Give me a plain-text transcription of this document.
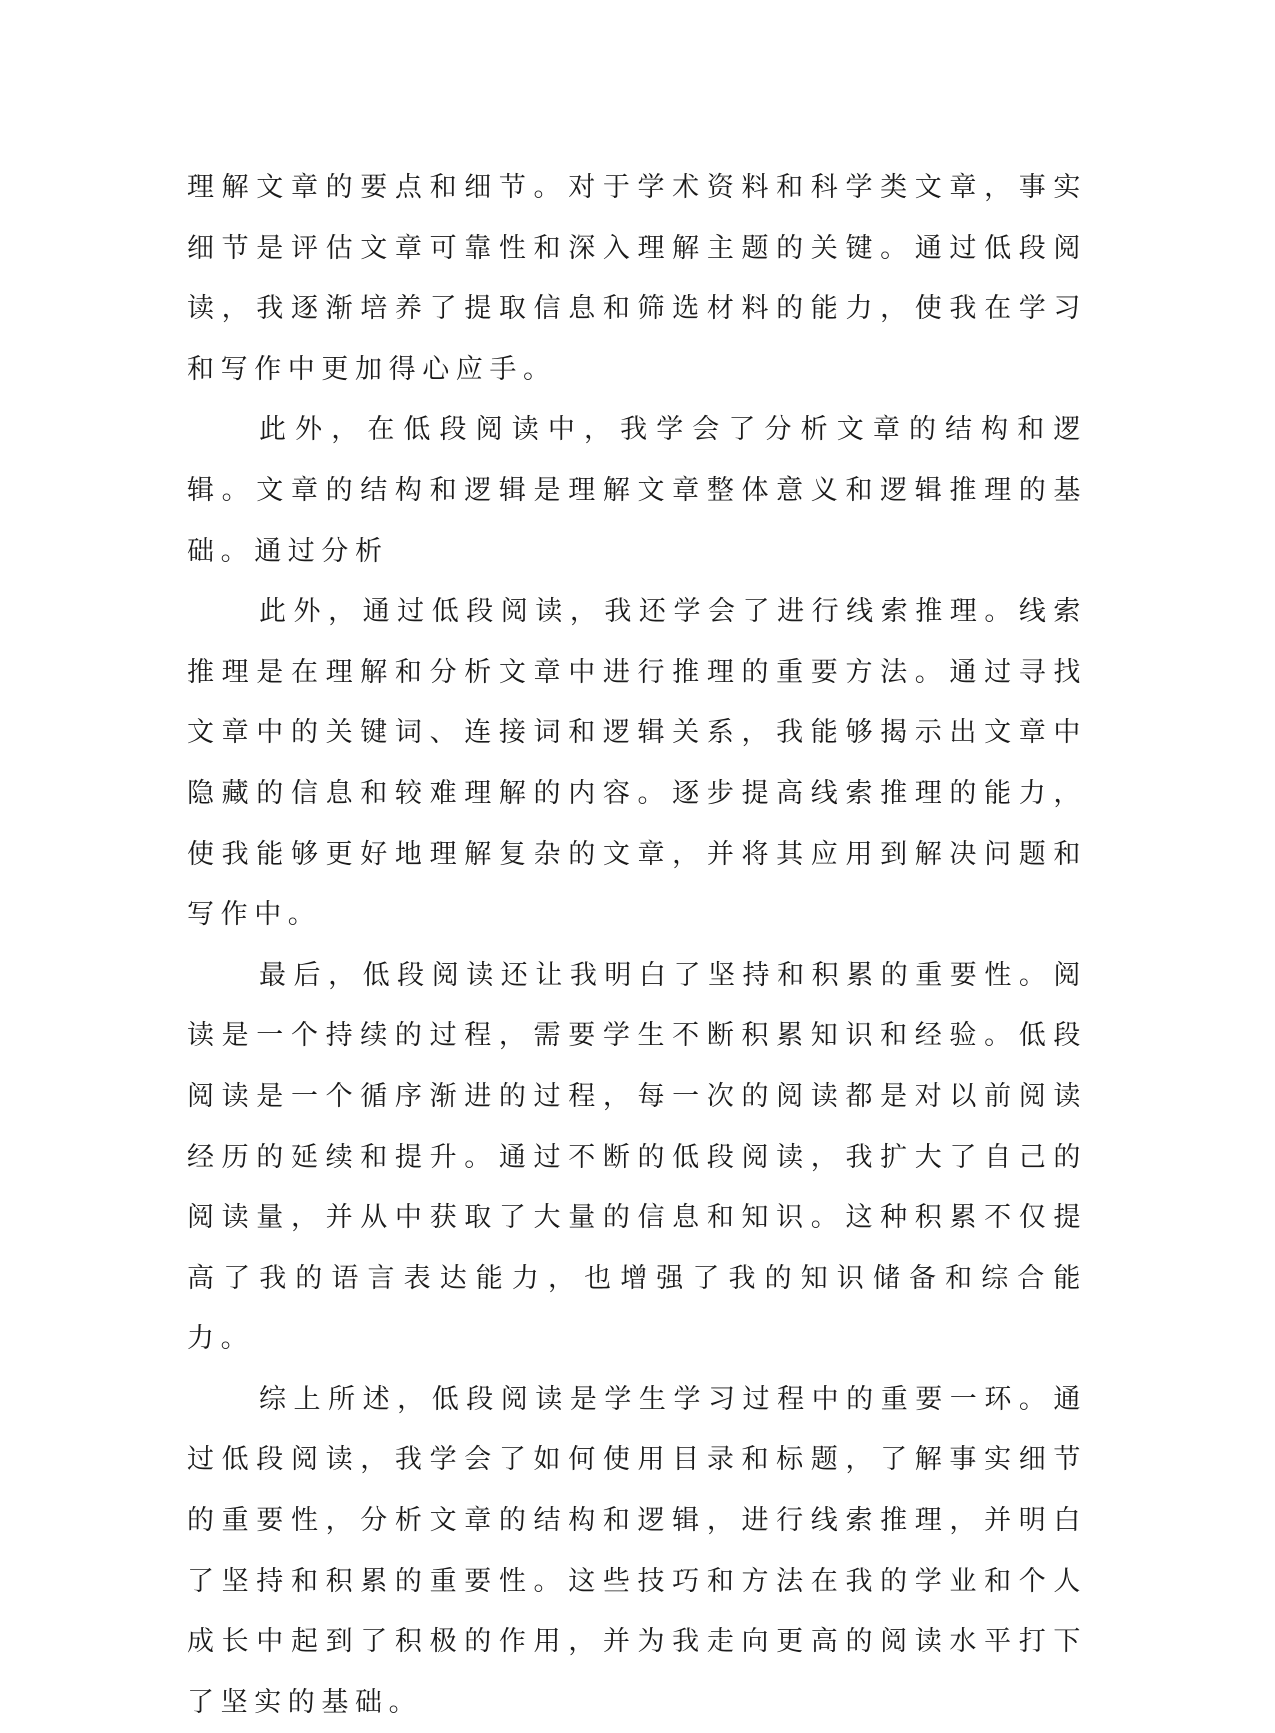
理解文章的要点和细节。对于学术资料和科学类文章，事实细节是评估文章可靠性和深入理解主题的关键。通过低段阅读，我逐渐培养了提取信息和筛选材料的能力，使我在学习和写作中更加得心应手。

此外，在低段阅读中，我学会了分析文章的结构和逻辑。文章的结构和逻辑是理解文章整体意义和逻辑推理的基础。通过分析

此外，通过低段阅读，我还学会了进行线索推理。线索推理是在理解和分析文章中进行推理的重要方法。通过寻找文章中的关键词、连接词和逻辑关系，我能够揭示出文章中隐藏的信息和较难理解的内容。逐步提高线索推理的能力，使我能够更好地理解复杂的文章，并将其应用到解决问题和写作中。

最后，低段阅读还让我明白了坚持和积累的重要性。阅读是一个持续的过程，需要学生不断积累知识和经验。低段阅读是一个循序渐进的过程，每一次的阅读都是对以前阅读经历的延续和提升。通过不断的低段阅读，我扩大了自己的阅读量，并从中获取了大量的信息和知识。这种积累不仅提高了我的语言表达能力，也增强了我的知识储备和综合能力。

综上所述，低段阅读是学生学习过程中的重要一环。通过低段阅读，我学会了如何使用目录和标题，了解事实细节的重要性，分析文章的结构和逻辑，进行线索推理，并明白了坚持和积累的重要性。这些技巧和方法在我的学业和个人成长中起到了积极的作用，并为我走向更高的阅读水平打下了坚实的基础。
